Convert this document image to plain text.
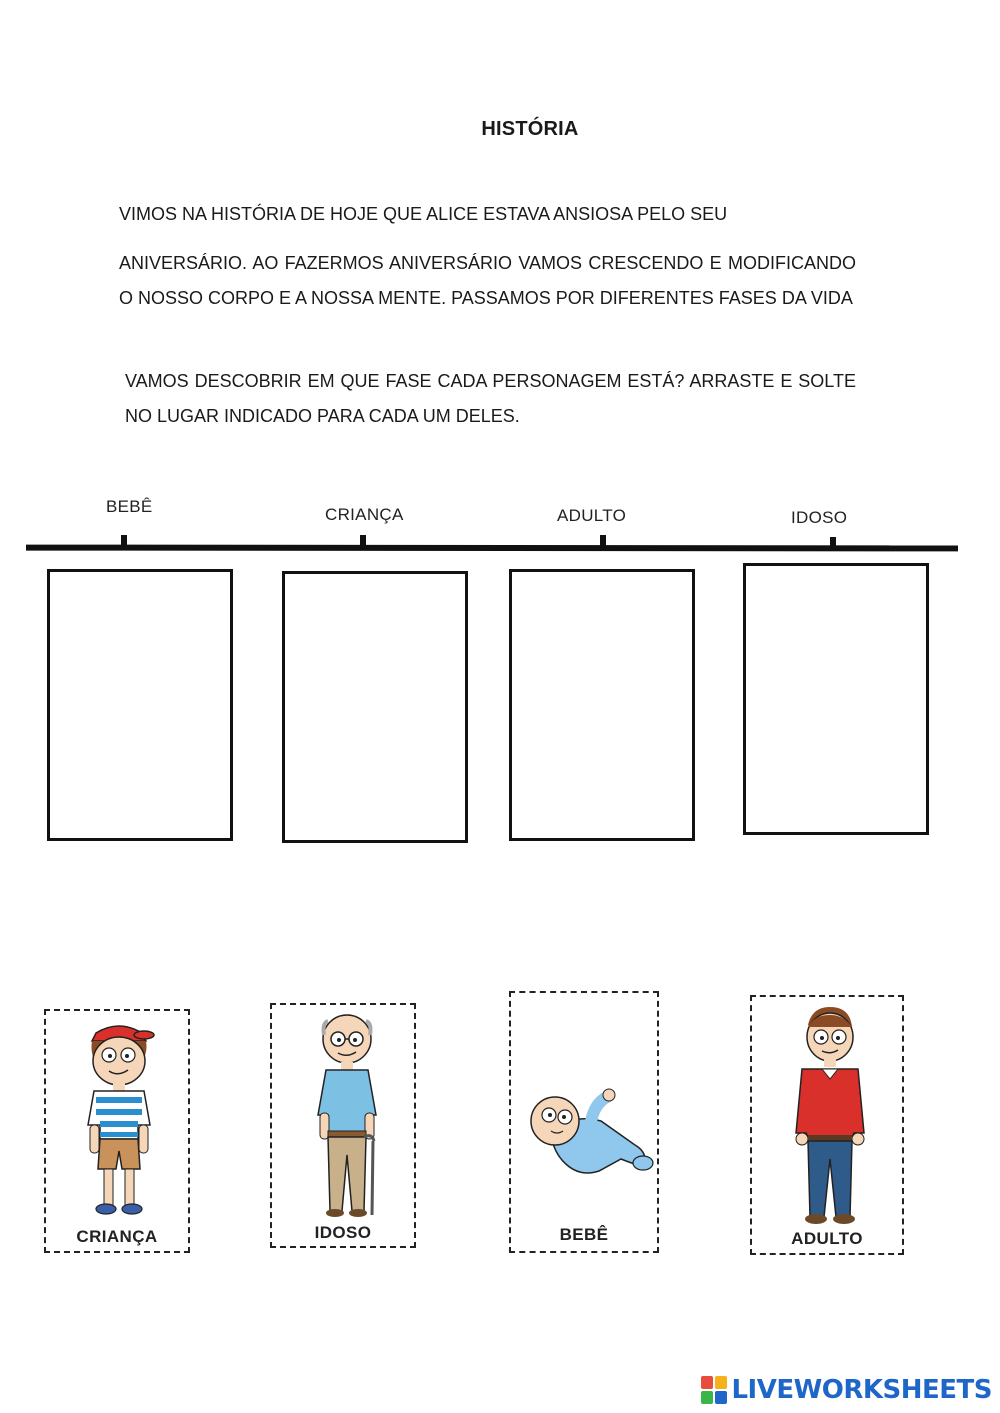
HISTÓRIA
VIMOS NA HISTÓRIA DE HOJE QUE ALICE ESTAVA ANSIOSA PELO SEU
ANIVERSÁRIO. AO FAZERMOS ANIVERSÁRIO VAMOS CRESCENDO E MODIFICANDO O NOSSO CORPO E A NOSSA MENTE. PASSAMOS POR DIFERENTES FASES DA VIDA
VAMOS DESCOBRIR EM QUE FASE CADA PERSONAGEM ESTÁ? ARRASTE E SOLTE NO LUGAR INDICADO PARA CADA UM DELES.
BEBÊ	CRIANÇA	ADULTO	IDOSO
CRIANÇA	IDOSO	BEBÊ	ADULTO
LIVEWORKSHEETS
